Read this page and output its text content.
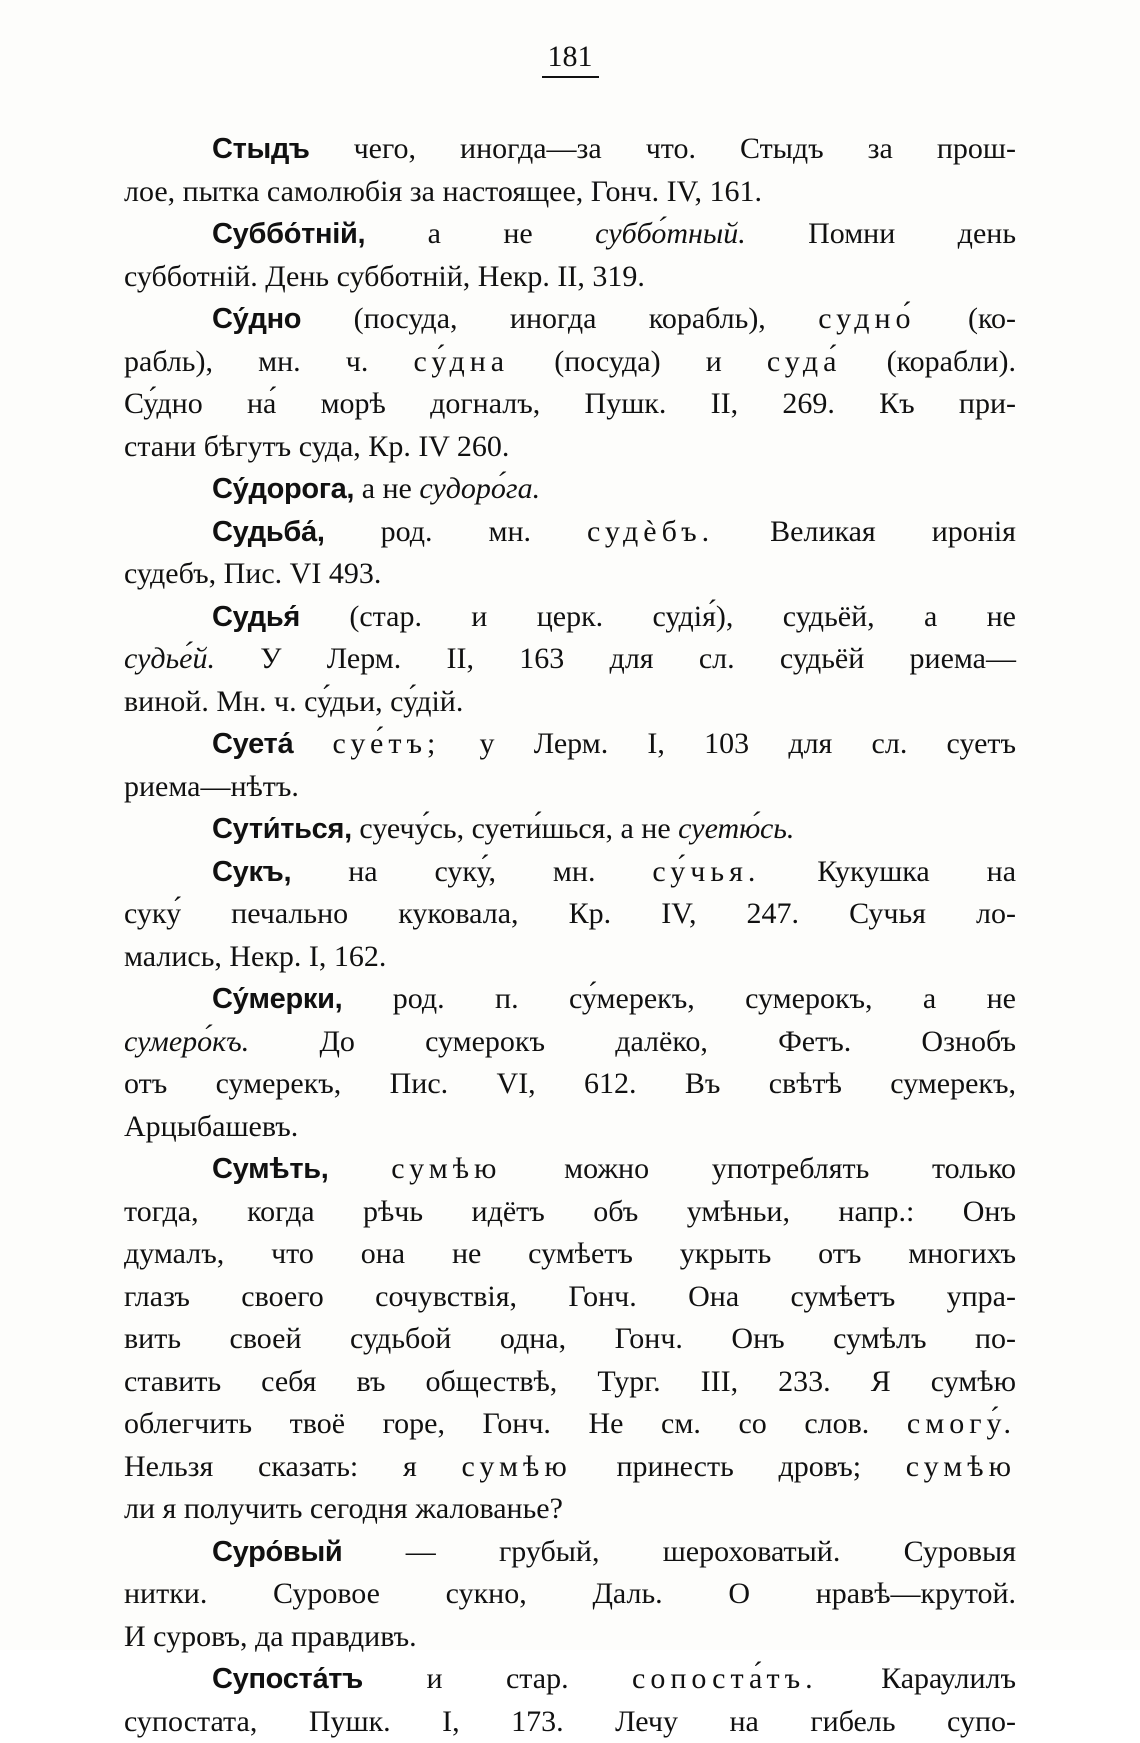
181
Стыдъ чего, иногда—за что. Стыдъ за прош-
лое, пытка самолюбія за настоящее, Гонч. IV, 161.
Суббо́тній, а не суббо́тный. Помни день
субботній. День субботній, Некр. II, 319.
Су́дно (посуда, иногда корабль), судно́ (ко-
рабль), мн. ч. су́дна (посуда) и суда́ (корабли).
Су́дно на́ морѣ догналъ, Пушк. II, 269. Къ при-
стани бѣгутъ суда, Кр. IV 260.
Су́дорога, а не судоро́га.
Судьба́, род. мн. судѐбъ. Великая иронія
судебъ, Пис. VI 493.
Судья́ (стар. и церк. судія́), судьёй, а не
судье́й. У Лерм. II, 163 для сл. судьёй риема—
виной. Мн. ч. су́дьи, су́дій.
Суета́ суе́тъ; у Лерм. I, 103 для сл. суетъ
риема—нѣтъ.
Сути́ться, суечу́сь, суети́шься, а не суетю́сь.
Сукъ, на суку́, мн. су́чья. Кукушка на
суку́ печально куковала, Кр. IV, 247. Сучья ло-
мались, Некр. I, 162.
Су́мерки, род. п. су́мерекъ, сумерокъ, а не
сумеро́къ. До сумерокъ далёко, Фетъ. Ознобъ
отъ сумерекъ, Пис. VI, 612. Въ свѣтѣ сумерекъ,
Арцыбашевъ.
Сумѣть, сумѣю можно употреблять только
тогда, когда рѣчь идётъ объ умѣньи, напр.: Онъ
думалъ, что она не сумѣетъ укрыть отъ многихъ
глазъ своего сочувствія, Гонч. Она сумѣетъ упра-
вить своей судьбой одна, Гонч. Онъ сумѣлъ по-
ставить себя въ обществѣ, Тург. III, 233. Я сумѣю
облегчить твоё горе, Гонч. Не см. со слов. смогу́.
Нельзя сказать: я сумѣю принесть дровъ; сумѣю
ли я получить сегодня жалованье?
Суро́вый — грубый, шероховатый. Суровыя
нитки. Суровое сукно, Даль. О нравѣ—крутой.
И суровъ, да правдивъ.
Супоста́тъ и стар. сопоста́тъ. Караулилъ
супостата, Пушк. I, 173. Лечу на гибель супо-
